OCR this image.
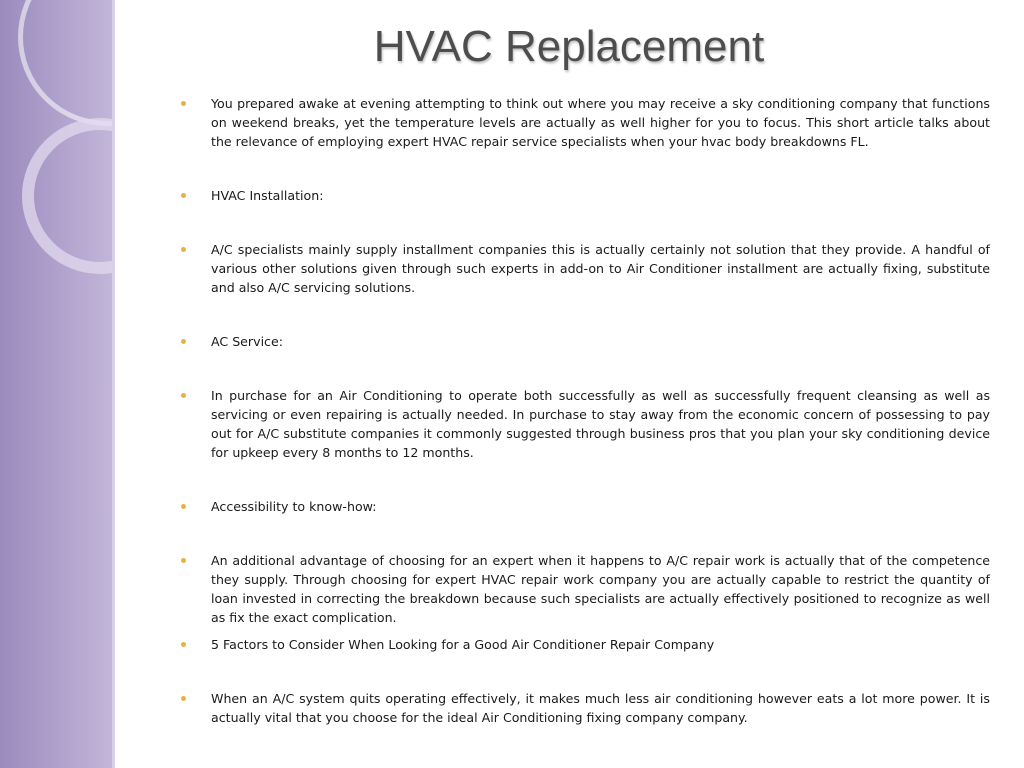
HVAC Replacement
You prepared awake at evening attempting to think out where you may receive a sky conditioning company that functions on weekend breaks, yet the temperature levels are actually as well higher for you to focus. This short article talks about the relevance of employing expert HVAC repair service specialists when your hvac body breakdowns FL.
HVAC Installation:
A/C specialists mainly supply installment companies this is actually certainly not solution that they provide. A handful of various other solutions given through such experts in add-on to Air Conditioner installment are actually fixing, substitute and also A/C servicing solutions.
AC Service:
In purchase for an Air Conditioning to operate both successfully as well as successfully frequent cleansing as well as servicing or even repairing is actually needed. In purchase to stay away from the economic concern of possessing to pay out for A/C substitute companies it commonly suggested through business pros that you plan your sky conditioning device for upkeep every 8 months to 12 months.
Accessibility to know-how:
An additional advantage of choosing for an expert when it happens to A/C repair work is actually that of the competence they supply. Through choosing for expert HVAC repair work company you are actually capable to restrict the quantity of loan invested in correcting the breakdown because such specialists are actually effectively positioned to recognize as well as fix the exact complication.
5 Factors to Consider When Looking for a Good Air Conditioner Repair Company
When an A/C system quits operating effectively, it makes much less air conditioning however eats a lot more power. It is actually vital that you choose for the ideal Air Conditioning fixing company company.
